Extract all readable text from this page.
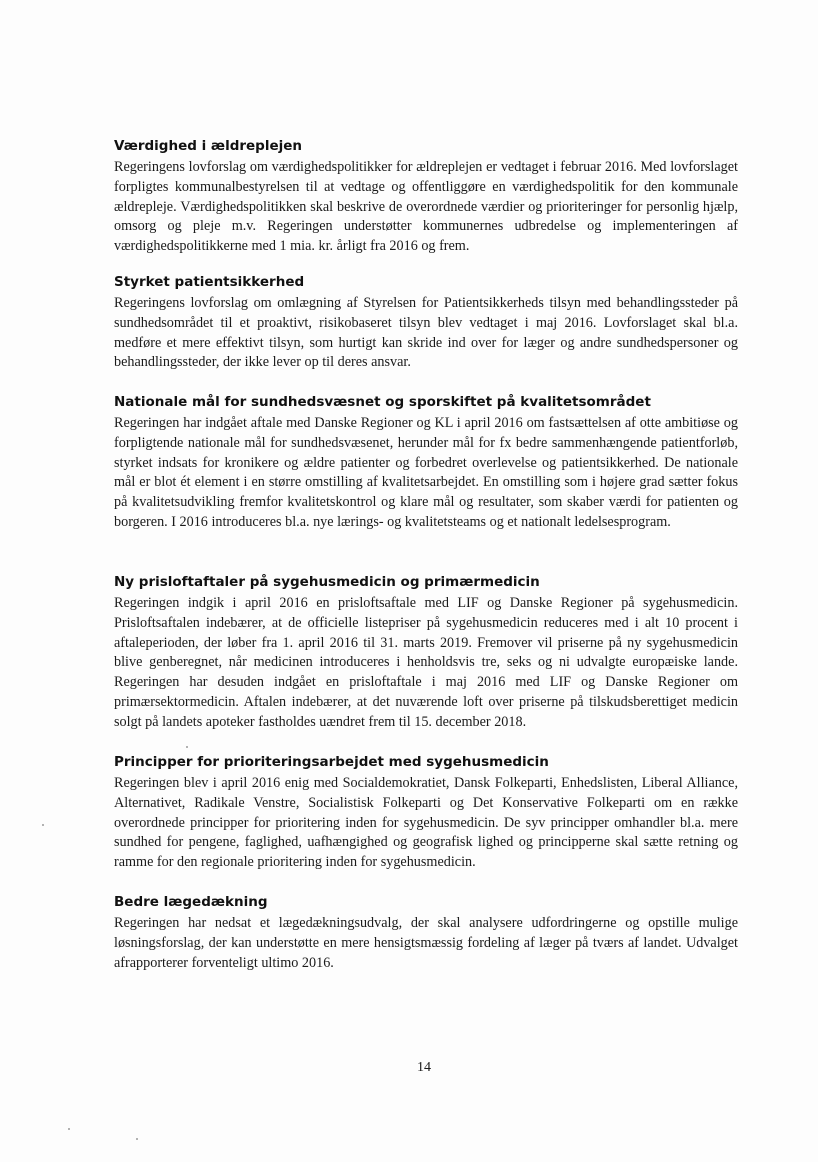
Værdighed i ældreplejen

Regeringens lovforslag om værdighedspolitikker for ældreplejen er vedtaget i februar 2016. Med lovforslaget forpligtes kommunalbestyrelsen til at vedtage og offentliggøre en værdighedspolitik for den kommunale ældrepleje. Værdighedspolitikken skal beskrive de overordnede værdier og prioriteringer for personlig hjælp, omsorg og pleje m.v. Regeringen understøtter kommunernes udbredelse og implementeringen af værdighedspolitikkerne med 1 mia. kr. årligt fra 2016 og frem.

Styrket patientsikkerhed

Regeringens lovforslag om omlægning af Styrelsen for Patientsikkerheds tilsyn med behandlingssteder på sundhedsområdet til et proaktivt, risikobaseret tilsyn blev vedtaget i maj 2016. Lovforslaget skal bl.a. medføre et mere effektivt tilsyn, som hurtigt kan skride ind over for læger og andre sundhedspersoner og behandlingssteder, der ikke lever op til deres ansvar.

Nationale mål for sundhedsvæsnet og sporskiftet på kvalitetsområdet

Regeringen har indgået aftale med Danske Regioner og KL i april 2016 om fastsættelsen af otte ambitiøse og forpligtende nationale mål for sundhedsvæsenet, herunder mål for fx bedre sammenhængende patientforløb, styrket indsats for kronikere og ældre patienter og forbedret overlevelse og patientsikkerhed. De nationale mål er blot ét element i en større omstilling af kvalitetsarbejdet. En omstilling som i højere grad sætter fokus på kvalitetsudvikling fremfor kvalitetskontrol og klare mål og resultater, som skaber værdi for patienten og borgeren. I 2016 introduceres bl.a. nye lærings- og kvalitetsteams og et nationalt ledelsesprogram.

Ny prisloftaftaler på sygehusmedicin og primærmedicin

Regeringen indgik i april 2016 en prisloftsaftale med LIF og Danske Regioner på sygehusmedicin. Prisloftsaftalen indebærer, at de officielle listepriser på sygehusmedicin reduceres med i alt 10 procent i aftaleperioden, der løber fra 1. april 2016 til 31. marts 2019. Fremover vil priserne på ny sygehusmedicin blive genberegnet, når medicinen introduceres i henholdsvis tre, seks og ni udvalgte europæiske lande. Regeringen har desuden indgået en prisloftaftale i maj 2016 med LIF og Danske Regioner om primærsektormedicin. Aftalen indebærer, at det nuværende loft over priserne på tilskudsberettiget medicin solgt på landets apoteker fastholdes uændret frem til 15. december 2018.

Principper for prioriteringsarbejdet med sygehusmedicin

Regeringen blev i april 2016 enig med Socialdemokratiet, Dansk Folkeparti, Enhedslisten, Liberal Alliance, Alternativet, Radikale Venstre, Socialistisk Folkeparti og Det Konservative Folkeparti om en række overordnede principper for prioritering inden for sygehusmedicin. De syv principper omhandler bl.a. mere sundhed for pengene, faglighed, uafhængighed og geografisk lighed og principperne skal sætte retning og ramme for den regionale prioritering inden for sygehusmedicin.

Bedre lægedækning

Regeringen har nedsat et lægedækningsudvalg, der skal analysere udfordringerne og opstille mulige løsningsforslag, der kan understøtte en mere hensigtsmæssig fordeling af læger på tværs af landet. Udvalget afrapporterer forventeligt ultimo 2016.

14
